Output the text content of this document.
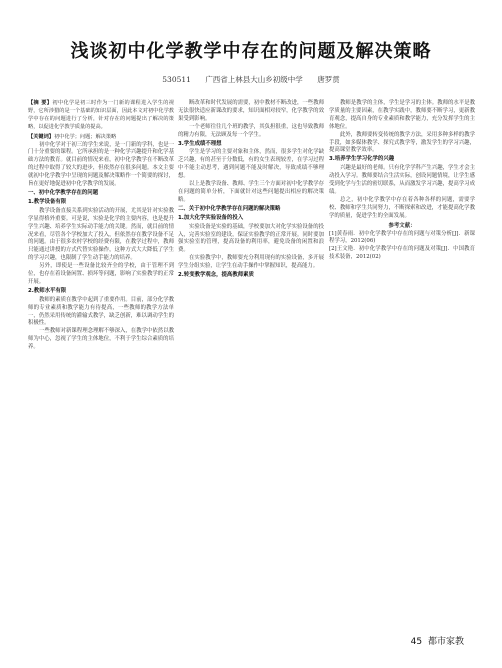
浅谈初中化学教学中存在的问题及解决策略
530511 广西省上林县大山乡初级中学 唐罗贯
【摘 要】初中化学是初三时作为一门新的课程进入学生的视野，它所涉猎的是一个基础的知识层面，因此本文对初中化学教学中存在的问题进行了分析，针对存在的问题提出了解决的策略，以促进化学教学质量的提高。
【关键词】初中化学；问题；解决策略

初中化学对于初三的学生来说，是一门新的学科，也是一门十分重要的课程。它所承担的是一种化学兴趣提升和化学基础方法的教育。就目前的情况来看，初中化学教学在不断改革的过程中取得了较大的进步，但依然存在很多问题。本文主要就初中化学教学中呈现的问题及解决策略作一个简要的探讨，旨在更好地促进初中化学教学的发展。

一、初中化学教学存在的问题

1.教学设备有限

教学设备直接关系到实验活动的开展，尤其是针对实验教学显得格外重要。可是说，实验是化学的主要内容，也是提升学生兴趣、培养学生实际动手能力的关键。然而，就目前的情况来看，尽管各个学校加大了投入，但依然存在教学设备不足的问题。由于很多农村学校的经费有限，在教学过程中，教师只能通过讲授的方式代替实验操作，这种方式大大降低了学生的学习兴趣，也限制了学生动手能力的培养。

另外，即使是一些设备比较齐全的学校，由于管理不到位，也存在着设备闲置、损坏等问题，影响了实验教学的正常开展。

2.教师水平有限

教师的素质在教学中起到了重要作用。目前，部分化学教师的专业素质和教学能力有待提高，一些教师的教学方法单一，仍然采用传统的灌输式教学，缺乏创新，难以调动学生的积极性。

一些教师对新课程理念理解不够深入，在教学中依然以教师为中心，忽视了学生的主体地位，不利于学生综合素质的培养。

断改革和时代发展的需要，初中教材不断改进，一些教师无法很快适应新课改的要求，知识面相对较窄，化学教学的效果受到影响。

一个老师往往几个班的教学，其负担很重，这也导致教师的精力有限，无法顾及每一个学生。

3.学生成绩不理想

学生是学习的主要对象和主体，然而，很多学生对化学缺乏兴趣，有的甚至于分数低，有的女生表现较差，在学习过程中不能主动思考，遇到问题不能及时解决，导致成绩不够理想。

以上是教学设备、教师、学生三个方面对初中化学教学存在问题的简单分析，下面就针对这些问题提出相应的解决策略。

二、关于初中化学教学存在问题的解决策略

1.加大化学实验设备的投入

实验设备是实验的基础，学校要加大对化学实验设备的投入，完善实验室的建设，保证实验教学的正常开展。同时要加强实验室的管理，提高设备的利用率，避免设备的闲置和浪费。

在实验教学中，教师要充分利用现有的实验设备，多开展学生分组实验，让学生在动手操作中掌握知识，提高能力。

2.转变教学观念，提高教师素质

教师是教学的主体，学生是学习的主体。教师的水平是教学质量的主要因素，在教学实践中，教师要不断学习，更新教育观念，提高自身的专业素质和教学能力，充分发挥学生的主体地位。

此外，教师要转变传统的教学方法，采用多种多样的教学手段，如多媒体教学、探究式教学等，激发学生的学习兴趣，提高课堂教学效率。

3.培养学生学习化学的兴趣

兴趣是最好的老师。只有化学学科产生兴趣，学生才会主动投入学习。教师要结合生活实际，创设问题情境，让学生感受到化学与生活的密切联系，从而激发学习兴趣，提高学习成绩。

总之，初中化学教学中存在着各种各样的问题，需要学校、教师和学生共同努力，不断探索和改进，才能提高化学教学的质量，促进学生的全面发展。

参考文献：

[1]黄春雨．初中化学教学中存在的问题与对策分析[J]．新课程学习，2012(06)

[2]王文艳．初中化学教学中存在的问题及对策[J]．中国教育技术装备，2012(02)

45 都市家教
